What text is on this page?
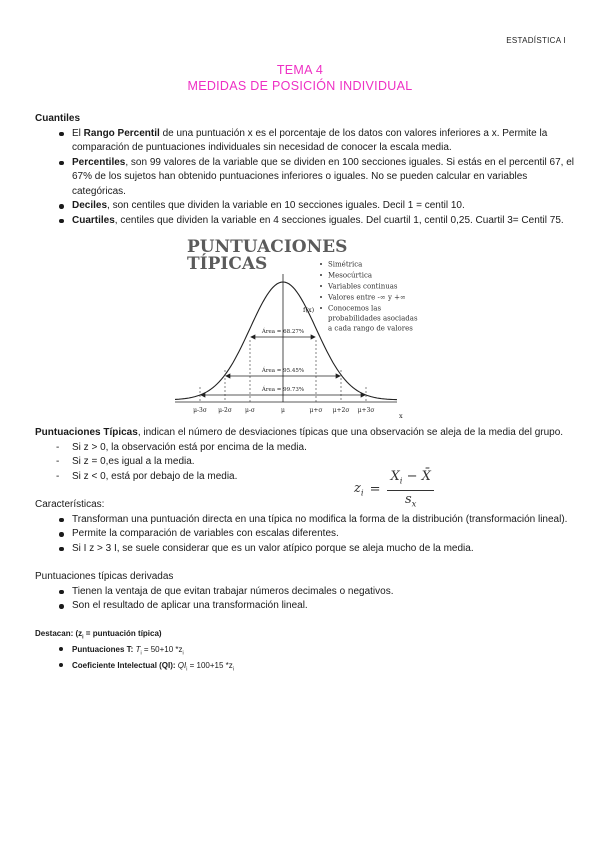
ESTADÍSTICA I
TEMA 4
MEDIDAS DE POSICIÓN INDIVIDUAL
Cuantiles
El Rango Percentil de una puntuación x es el porcentaje de los datos con valores inferiores a x. Permite la comparación de puntuaciones individuales sin necesidad de conocer la escala media.
Percentiles, son 99 valores de la variable que se dividen en 100 secciones iguales. Si estás en el percentil 67, el 67% de los sujetos han obtenido puntuaciones inferiores o iguales. No se pueden calcular en variables categóricas.
Deciles, son centiles que dividen la variable en 10 secciones iguales. Decil 1 = centil 10.
Cuartiles, centiles que dividen la variable en 4 secciones iguales. Del cuartil 1, centil 0,25. Cuartil 3= Centil 75.
PUNTUACIONES
TÍPICAS
f(x)
x
Área = 68.27%
Área = 95.45%
Área = 99.73%
μ-3σ μ-2σ μ-σ	μ	μ+σ μ+2σ μ+3σ
Simétrica
Mesocúrtica
Variables continuas
Valores entre -∞ y +∞
Conocemos las
probabilidades asociadas
a cada rango de valores
Puntuaciones Típicas, indican el número de desviaciones típicas que una observación se aleja de la media del grupo.
- Si z > 0, la observación está por encima de la media.
- Si z = 0,es igual a la media.
- Si z < 0, está por debajo de la media.
$z_i = \frac{X_i - X̄}{s_x}$
Características:
Transforman una puntuación directa en una típica no modifica la forma de la distribución (transformación lineal).
Permite la comparación de variables con escalas diferentes.
Si I z > 3 I, se suele considerar que es un valor atípico porque se aleja mucho de la media.
Puntuaciones típicas derivadas
Tienen la ventaja de que evitan trabajar números decimales o negativos.
Son el resultado de aplicar una transformación lineal.
Destacan: ($z_i$ = puntuación típica)
Puntuaciones T: $T_i = 50+10$ $*z_i$
Coeficiente Intelectual (QI): $QI_i = 100+15$ $*z_i$
